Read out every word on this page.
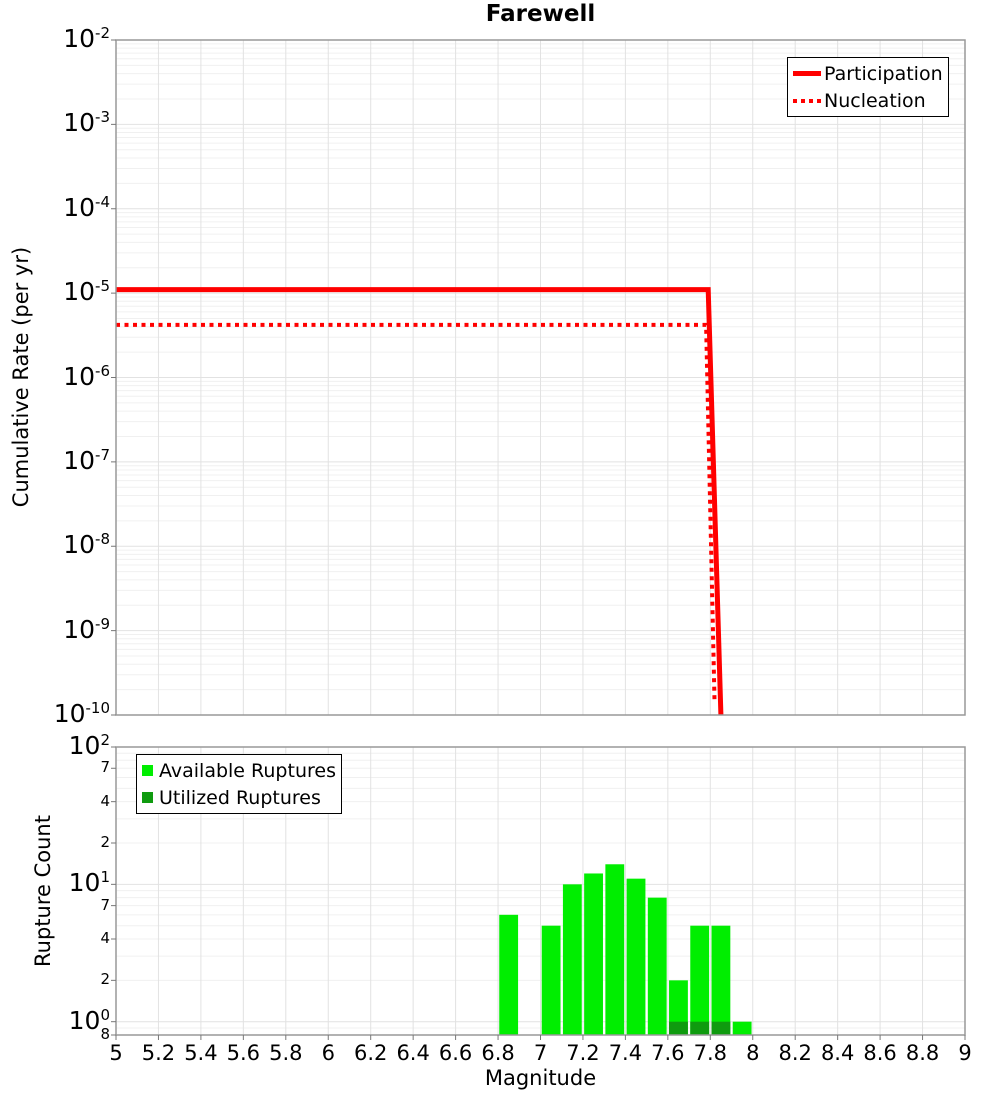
Farewell
Cumulative Rate (per yr)
Rupture Count
Magnitude
Participation
Nucleation
Available Ruptures
Utilized Ruptures
$10^{-2}$
$10^{-3}$
$10^{-4}$
$10^{-5}$
$10^{-6}$
$10^{-7}$
$10^{-8}$
$10^{-9}$
$10^{-10}$
$10^2$
$10^1$
$10^0$
7
4
2
7
4
2
8
5 5.2 5.4 5.6 5.8 6 6.2 6.4 6.6 6.8 7 7.2 7.4 7.6 7.8 8 8.2 8.4 8.6 8.8 9
